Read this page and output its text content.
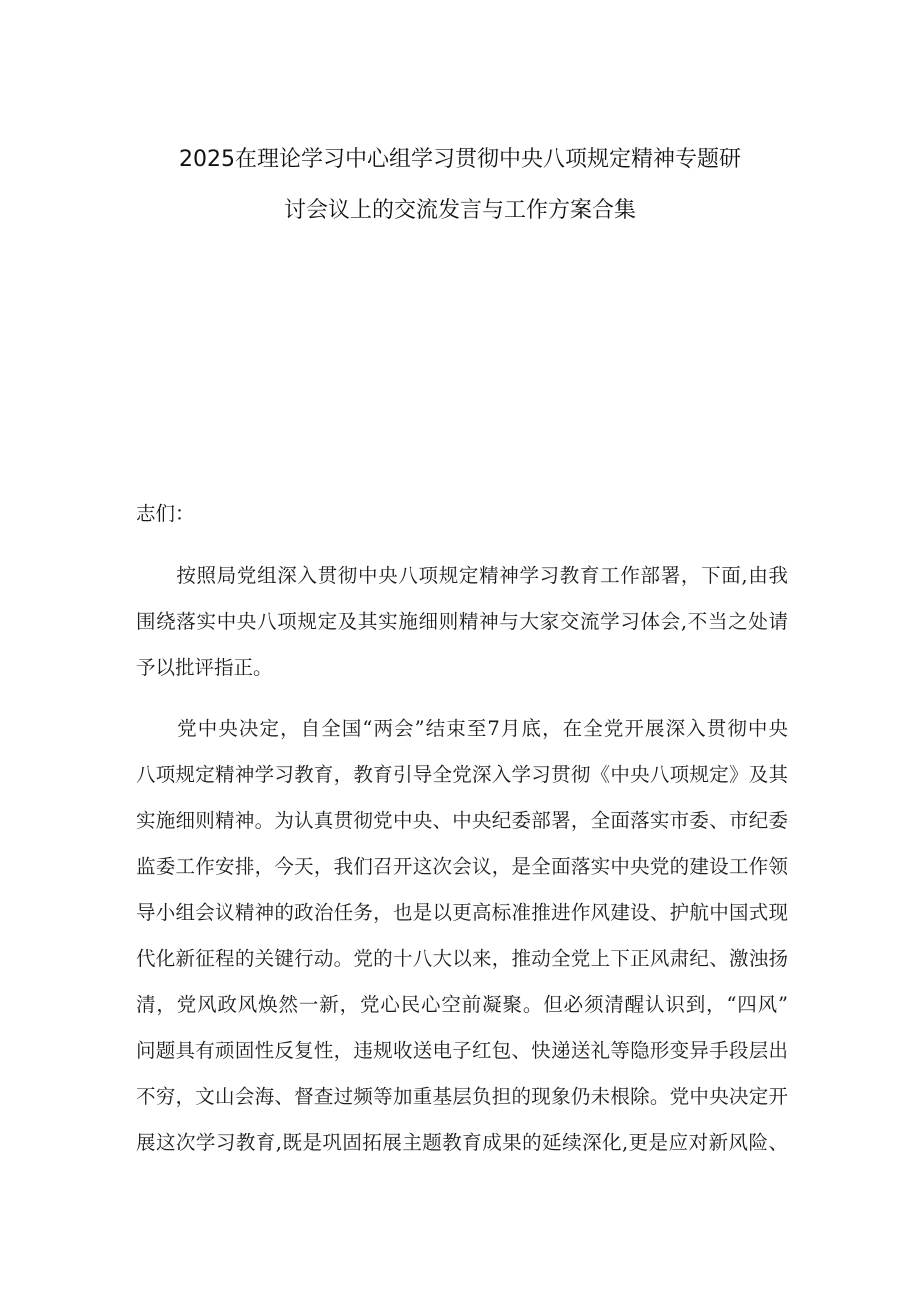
2025在理论学习中心组学习贯彻中央八项规定精神专题研
讨会议上的交流发言与工作方案合集
志们：
　　按照局党组深入贯彻中央八项规定精神学习教育工作部署，下面,由我
围绕落实中央八项规定及其实施细则精神与大家交流学习体会,不当之处请
予以批评指正。
　　党中央决定，自全国“两会”结束至7月底，在全党开展深入贯彻中央
八项规定精神学习教育，教育引导全党深入学习贯彻《中央八项规定》及其
实施细则精神。为认真贯彻党中央、中央纪委部署，全面落实市委、市纪委
监委工作安排，今天，我们召开这次会议，是全面落实中央党的建设工作领
导小组会议精神的政治任务，也是以更高标准推进作风建设、护航中国式现
代化新征程的关键行动。党的十八大以来，推动全党上下正风肃纪、激浊扬
清，党风政风焕然一新，党心民心空前凝聚。但必须清醒认识到，“四风”
问题具有顽固性反复性，违规收送电子红包、快递送礼等隐形变异手段层出
不穷，文山会海、督查过频等加重基层负担的现象仍未根除。党中央决定开
展这次学习教育,既是巩固拓展主题教育成果的延续深化,更是应对新风险、
